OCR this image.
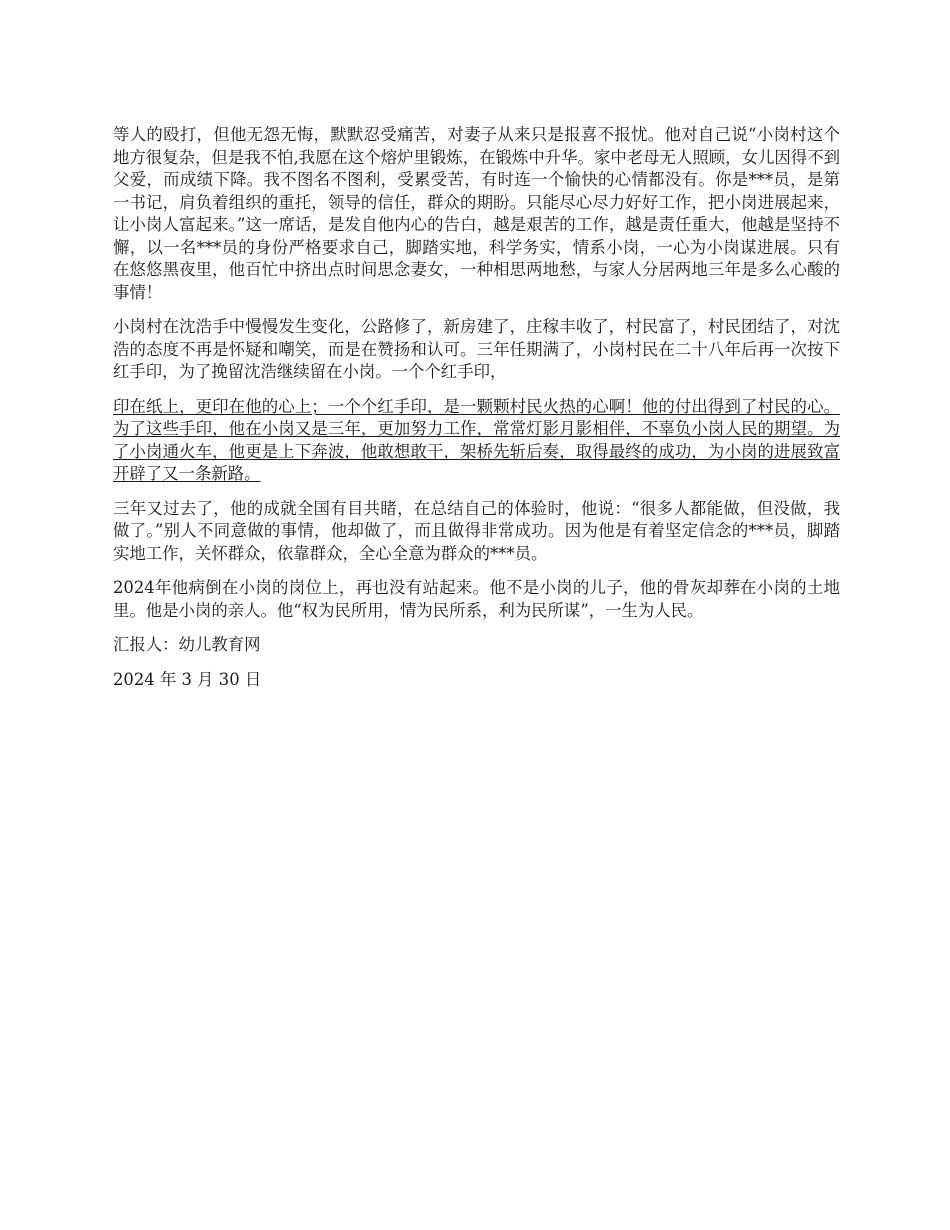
等人的殴打，但他无怨无悔，默默忍受痛苦，对妻子从来只是报喜不报忧。他对自己说“小岗村这个地方很复杂，但是我不怕,我愿在这个熔炉里锻炼，在锻炼中升华。家中老母无人照顾，女儿因得不到父爱，而成绩下降。我不图名不图利，受累受苦，有时连一个愉快的心情都没有。你是***员，是第一书记，肩负着组织的重托，领导的信任，群众的期盼。只能尽心尽力好好工作，把小岗进展起来，让小岗人富起来。”这一席话，是发自他内心的告白，越是艰苦的工作，越是责任重大，他越是坚持不懈，以一名***员的身份严格要求自己，脚踏实地，科学务实，情系小岗，一心为小岗谋进展。只有在悠悠黑夜里，他百忙中挤出点时间思念妻女，一种相思两地愁，与家人分居两地三年是多么心酸的事情！

小岗村在沈浩手中慢慢发生变化，公路修了，新房建了，庄稼丰收了，村民富了，村民团结了，对沈浩的态度不再是怀疑和嘲笑，而是在赞扬和认可。三年任期满了，小岗村民在二十八年后再一次按下红手印，为了挽留沈浩继续留在小岗。一个个红手印，

印在纸上，更印在他的心上；一个个红手印，是一颗颗村民火热的心啊！他的付出得到了村民的心。为了这些手印，他在小岗又是三年，更加努力工作，常常灯影月影相伴，不辜负小岗人民的期望。为了小岗通火车，他更是上下奔波，他敢想敢干，架桥先斩后奏，取得最终的成功，为小岗的进展致富开辟了又一条新路。

三年又过去了，他的成就全国有目共睹，在总结自己的体验时，他说：“很多人都能做，但没做，我做了。”别人不同意做的事情，他却做了，而且做得非常成功。因为他是有着坚定信念的***员，脚踏实地工作，关怀群众，依靠群众，全心全意为群众的***员。

2024年他病倒在小岗的岗位上，再也没有站起来。他不是小岗的儿子，他的骨灰却葬在小岗的土地里。他是小岗的亲人。他“权为民所用，情为民所系，利为民所谋”，一生为人民。

汇报人：幼儿教育网

2024 年 3 月 30 日
